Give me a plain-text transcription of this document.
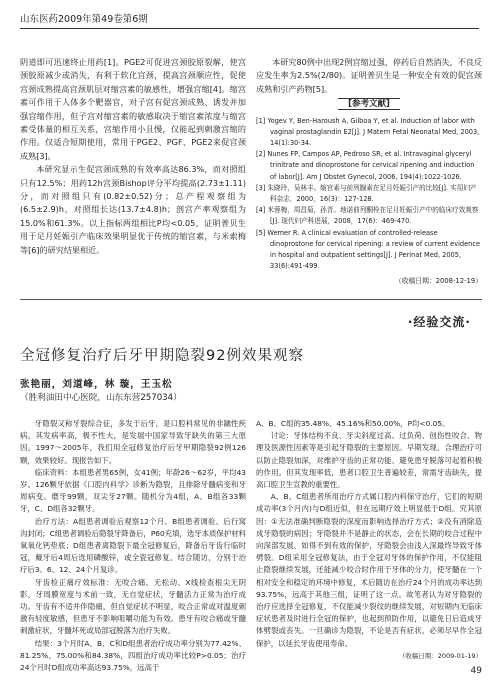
山东医药2009年第49卷第6期

阴道即可迅速终止用药[1]。PGE2可促进宫颈胶原裂解，使宫颈胶原减少或消失，有利于软化宫颈，提高宫颈顺应性，促使宫颈成熟提高宫颈肌层对缩宫素的敏感性，增强宫缩[4]。缩宫素可作用于人体多个靶器官，对子宫有促宫颈成熟、诱发并加强宫缩作用，但子宫对缩宫素的敏感取决于缩宫素浓度与缩宫素受体量的相互关系，宫缩作用小且慢，仅能起到刺激宫缩的作用。仅适合短期使用，常用于PGE2、PGF、PGE2来促宫颈成熟[3]。

本研究显示生促宫颈成熟的有效率高达86.3%，而对照组只有12.5%；用药12h宫颈Bishop评分平均提高(2.73±1.11)分，而对照组只有(0.82±0.52)分；总产程观察组为(6.5±2.9)h，对照组长达(13.7±4.8)h；剖宫产率观察组为15.0%和61.3%。以上指标两组相比P均<0.05，证明普贝生用于足月妊娠引产临床效果明显优于传统的缩宫素，与米索梅等[6]的研究结果相近。

本研究80例中出现2例宫缩过强，停药后自然消失，不良反应发生率为2.5%(2/80)。证明普贝生是一种安全有效的促宫颈成熟和引产药物[5]。

[参考文献]
[1] Yogev Y, Ben-Haroush A, Gilboa Y, et al. Induction of labor with vaginal prostaglandin E2[J]. J Matern Fetal Neonatal Med, 2003, 14(1):30-34.
[2] Nunes FP, Campos AP, Pedroso SR, et al. Intravaginal glyceryl trinitrate and dinoprostone for cervical ripening and induction of labor[J]. Am J Obstet Gynecol, 2006, 194(4):1022-1026.
[3] 朱晓玲，吴林丰。缩宫素与前列腺素在足月妊娠引产的比较[J]. 实用妇产科杂志，2000，16(3)：127-128.
[4] 米蓉梅，周昌菊，孙青。地诺前列酮栓在足月妊娠引产中的临床疗效观察[J]. 现代妇产科进展，2008，17(6)：469-470.
[5] Wemer R. A clinical evaluation of controlled-release dinoprostone for cervical ripening: a review of current evidence in hospital and outpatient settings[J]. J Perinat Med, 2005, 33(6):491-499.
（收稿日期：2008-12-19）
·经验交流·
全冠修复治疗后牙甲期隐裂92例效果观察
张艳丽，刘道峰，林 璇，王玉松
（胜利油田中心医院，山东东营257034）

牙隐裂又称牙裂综合征，多发于后牙，是口腔科常见的非龋性疾病。其发病率高，极不性大，是发展中国家导致牙缺失的第三大原因。1997～2005年，我们用全冠修复治疗后牙甲期隐裂92例126颗，效果较好。现报告如下。

临床资料：本组患者男65例，女41例；年龄26～62岁，平均43岁。126颗牙依据《口腔内科学》诊断为隐裂，且排除牙髓病变和牙周病变。磨牙99颗，双尖牙27颗。随机分为4组，A、B组各33颗牙，C、D组各32颗牙。

治疗方法：A组患者调验后观察12个月。B组患者调验、后行窝沟封闭；C组患者调验后隐裂牙降备后，P60充填，选牙本质保护材料氧氧化钙垫底；D组患者离隐裂下最全冠修复后，降备后牙齿行临时冠，戴牙后4周后选用磷酸锌，或全瓷冠修复。结合随访，分别于治疗后3、6、12、24个月复诊。

牙齿检正痛疗效标准：无咬合痛、无松动、X线检查根尖无阴影，牙周膜宽度与术前一致，无自觉症状，牙髓活力正常为治疗成功。牙齿有不适并伴隐痛，但自觉症状不明显，咬合正常或对温度刺激有轻度敏感，但患牙不影响咀嚼功能为有效。患牙有咬合痛或牙髓刺激症状，牙髓坏死或局部冠脱落为治疗失败。

结果：3个月时A、B、C和D组患者治疗成功率分别为77.42%、81.25%、75.00%和84.38%，四组治疗成功率比较P>0.05；治疗24个月时D组成功率高达93.75%，远高于

A、B、C组的35.48%、45.16%和50.00%，P均<0.05。

讨论：牙体结构不良、牙尖斜度过高、过负荷、创伤性咬合、物理及医源性因素等是引起牙隐裂的主要原因。早期发现、合理治疗可以防止隐裂加深，对维护牙齿的正常功能、避免患牙脱落可起着积极的作用。但其发现率低，患者口腔卫生普遍较差，常需牙齿缺失，提高口腔卫生宣教的重要性。

A、B、C组患者所用治疗方式属口腔内科保守治疗，它们的短期成功率(3个月内)与D组近似，但在远期疗效上明显低于D组。究其原因：①无法准确判断隐裂的深度而影响选择治疗方式；②没有消除造成牙隐裂的病因；牙隐裂并不是静止的状态，会在长期的咬合过程中向深部发展，如得不到有效的保护，牙隐裂会由浅入深最终导致牙体劈裂。D组采用全冠修复法，由于全冠对牙体的保护作用，不仅能阻止隐裂继续发展，还能减少咬合时作用于牙体的分力，使牙髓在一个相对安全和稳定的环境中修复，术后随访在治疗24个月的成功率达到93.75%，远高于其他三组，证明了这一点。故笔者认为对牙隐裂的治疗应选择全冠修复，不仅能减少裂纹的继续发展，对短期内无临床症状患者及时进行全冠的保护，也起到预防作用，以避免日后造成牙体劈裂或丧失。一旦确诊为隐裂，不论是否有症状，必须尽早作全冠保护，以延长牙齿使用寿命。

（收稿日期：2009-01-19）
49
